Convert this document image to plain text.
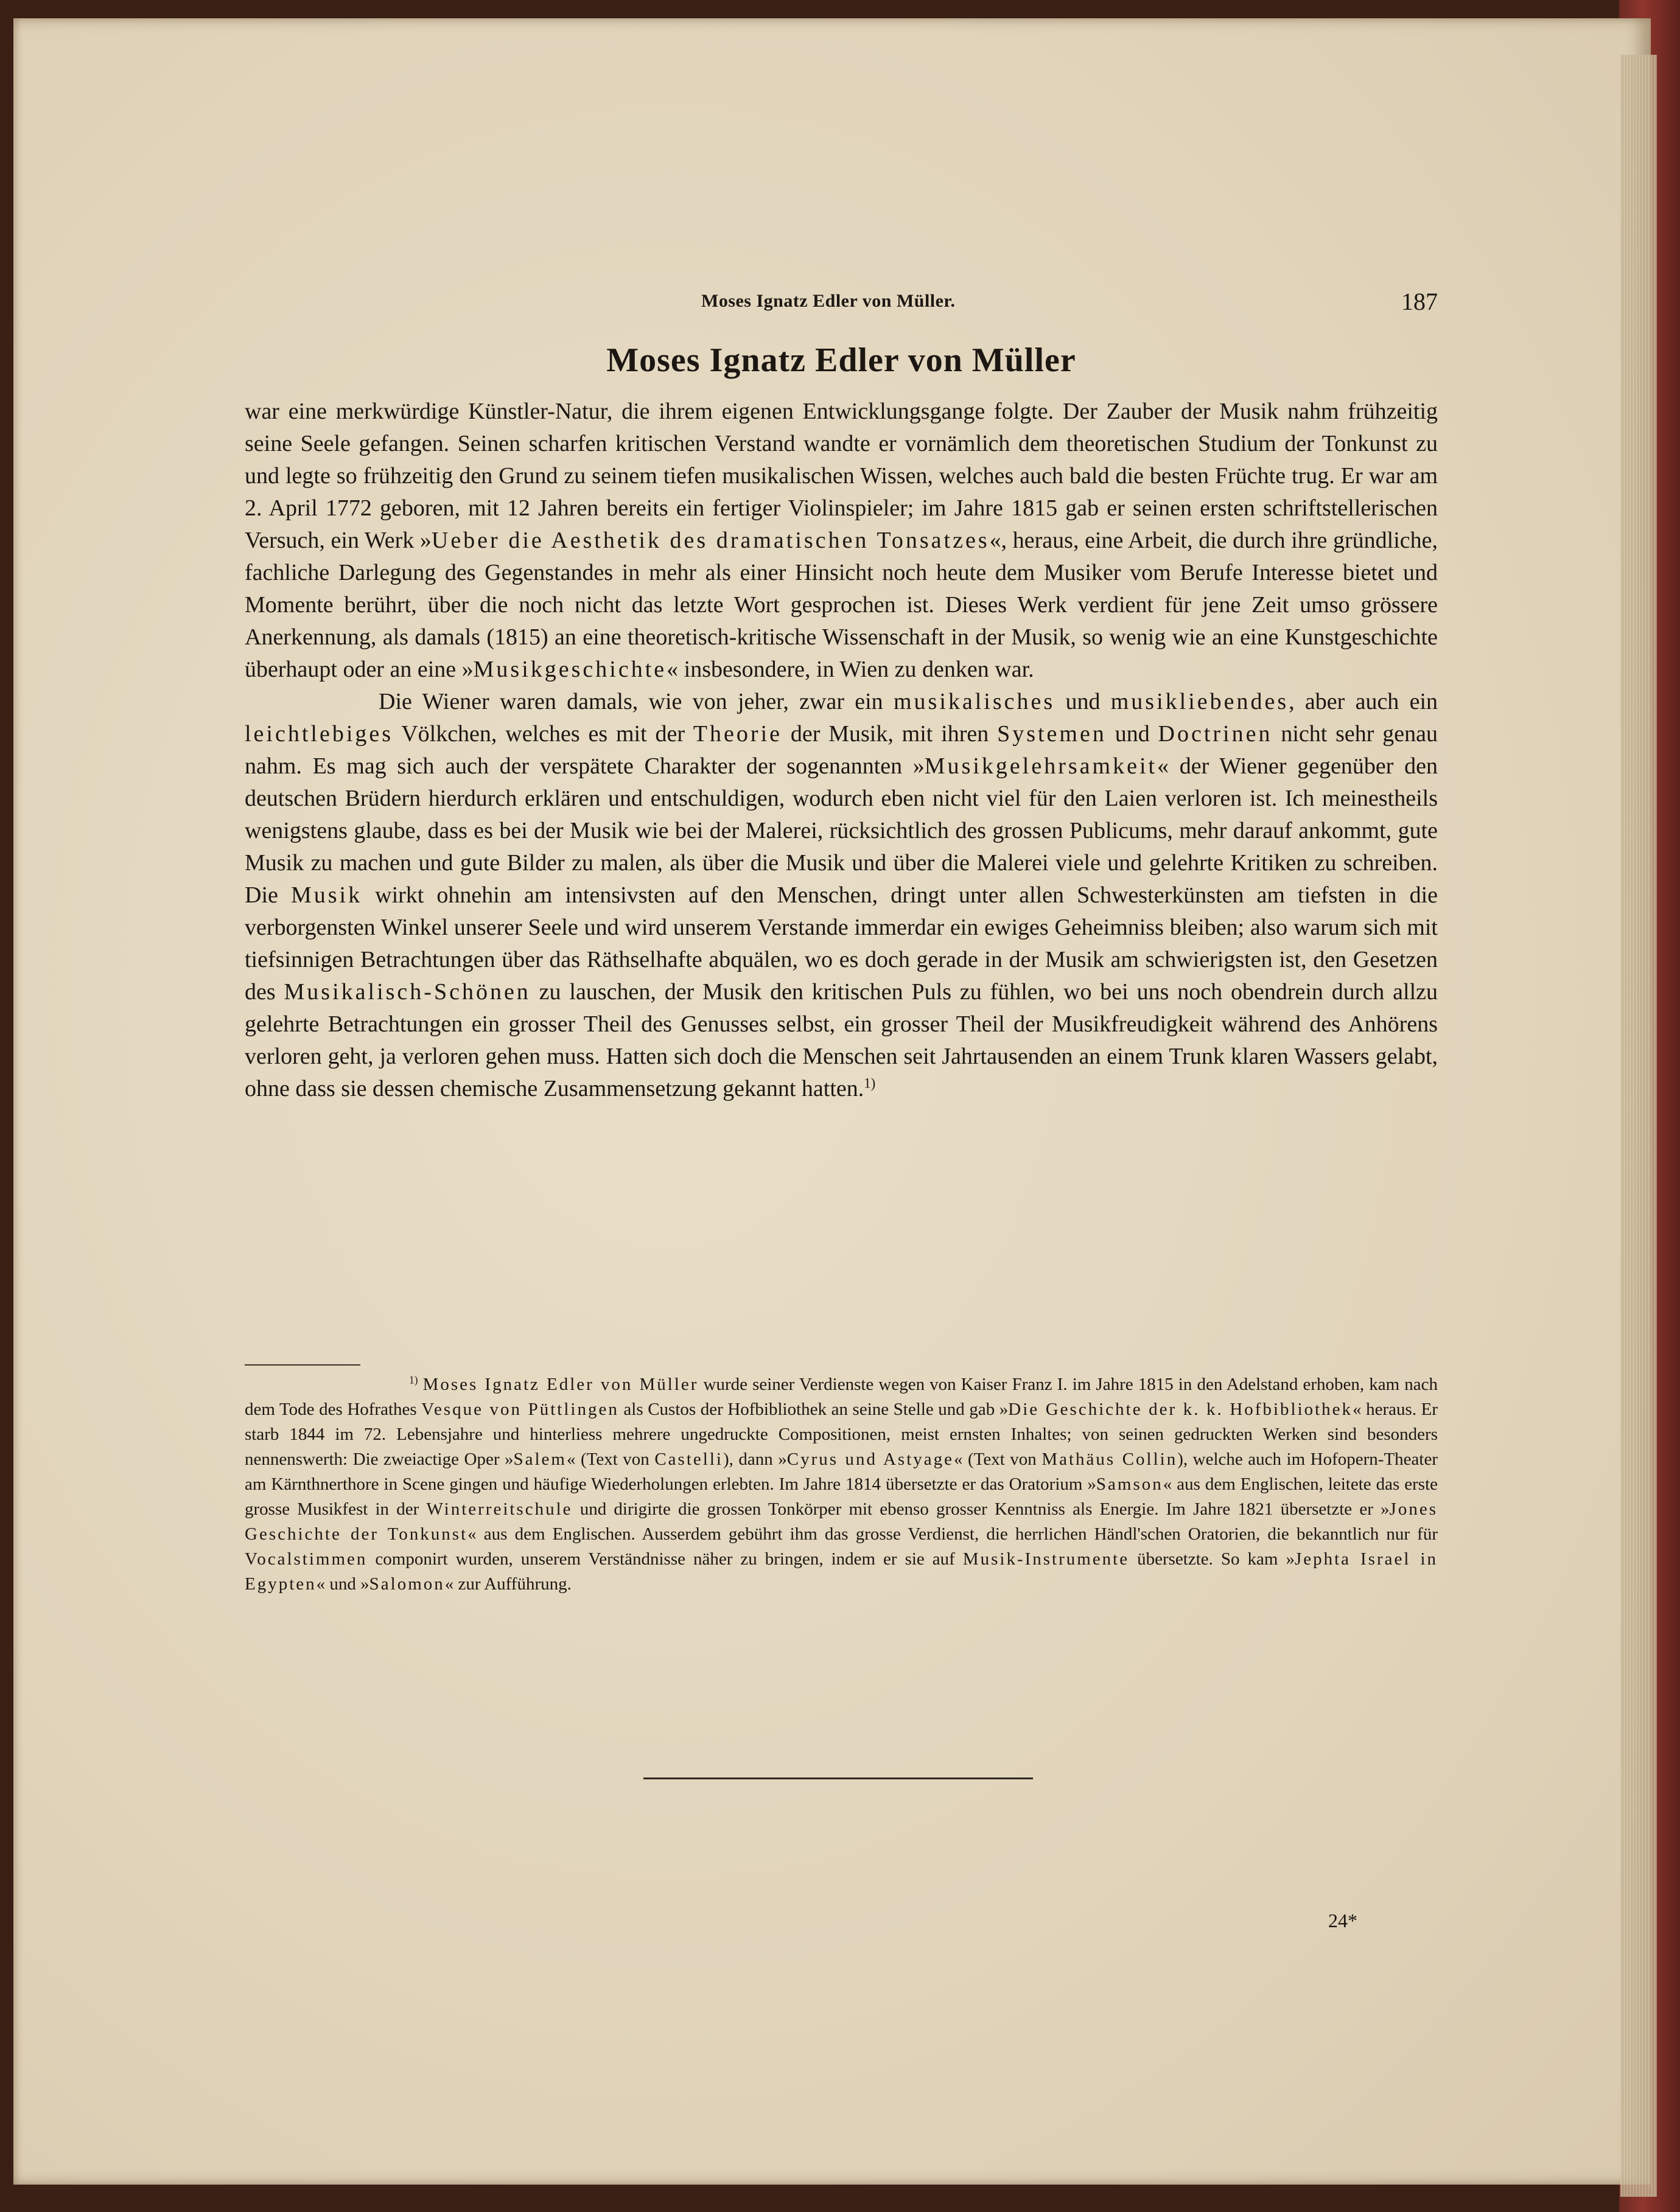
Moses Ignatz Edler von Müller.	187
Moses Ignatz Edler von Müller

war eine merkwürdige Künstler-Natur, die ihrem eigenen Entwicklungsgange folgte. Der Zauber der Musik nahm frühzeitig seine Seele gefangen. Seinen scharfen kritischen Verstand wandte er vornämlich dem theoretischen Studium der Tonkunst zu und legte so frühzeitig den Grund zu seinem tiefen musikalischen Wissen, welches auch bald die besten Früchte trug. Er war am 2. April 1772 geboren, mit 12 Jahren bereits ein fertiger Violinspieler; im Jahre 1815 gab er seinen ersten schriftstellerischen Versuch, ein Werk »Ueber die Aesthetik des dramatischen Tonsatzes«, heraus, eine Arbeit, die durch ihre gründliche, fachliche Darlegung des Gegenstandes in mehr als einer Hinsicht noch heute dem Musiker vom Berufe Interesse bietet und Momente berührt, über die noch nicht das letzte Wort gesprochen ist. Dieses Werk verdient für jene Zeit umso grössere Anerkennung, als damals (1815) an eine theoretisch-kritische Wissenschaft in der Musik, so wenig wie an eine Kunstgeschichte überhaupt oder an eine »Musikgeschichte« insbesondere, in Wien zu denken war.

Die Wiener waren damals, wie von jeher, zwar ein musikalisches und musikliebendes, aber auch ein leichtlebiges Völkchen, welches es mit der Theorie der Musik, mit ihren Systemen und Doctrinen nicht sehr genau nahm. Es mag sich auch der verspätete Charakter der sogenannten »Musikgelehrsamkeit« der Wiener gegenüber den deutschen Brüdern hierdurch erklären und entschuldigen, wodurch eben nicht viel für den Laien verloren ist. Ich meinestheils wenigstens glaube, dass es bei der Musik wie bei der Malerei, rücksichtlich des grossen Publicums, mehr darauf ankommt, gute Musik zu machen und gute Bilder zu malen, als über die Musik und über die Malerei viele und gelehrte Kritiken zu schreiben. Die Musik wirkt ohnehin am intensivsten auf den Menschen, dringt unter allen Schwesterkünsten am tiefsten in die verborgensten Winkel unserer Seele und wird unserem Verstande immerdar ein ewiges Geheimniss bleiben; also warum sich mit tiefsinnigen Betrachtungen über das Räthselhafte abquälen, wo es doch gerade in der Musik am schwierigsten ist, den Gesetzen des Musikalisch-Schönen zu lauschen, der Musik den kritischen Puls zu fühlen, wo bei uns noch obendrein durch allzu gelehrte Betrachtungen ein grosser Theil des Genusses selbst, ein grosser Theil der Musikfreudigkeit während des Anhörens verloren geht, ja verloren gehen muss. Hatten sich doch die Menschen seit Jahrtausenden an einem Trunk klaren Wassers gelabt, ohne dass sie dessen chemische Zusammensetzung gekannt hatten.$^{1)}$

$^{1)}$ Moses Ignatz Edler von Müller wurde seiner Verdienste wegen von Kaiser Franz I. im Jahre 1815 in den Adelstand erhoben, kam nach dem Tode des Hofrathes Vesque von Püttlingen als Custos der Hofbibliothek an seine Stelle und gab »Die Geschichte der k. k. Hofbibliothek« heraus. Er starb 1844 im 72. Lebensjahre und hinterliess mehrere ungedruckte Compositionen, meist ernsten Inhaltes; von seinen gedruckten Werken sind besonders nennenswerth: Die zweiactige Oper »Salem« (Text von Castelli), dann »Cyrus und Astyage« (Text von Mathäus Collin), welche auch im Hofopern-Theater am Kärnthnerthore in Scene gingen und häufige Wiederholungen erlebten. Im Jahre 1814 übersetzte er das Oratorium »Samson« aus dem Englischen, leitete das erste grosse Musikfest in der Winterreitschule und dirigirte die grossen Tonkörper mit ebenso grosser Kenntniss als Energie. Im Jahre 1821 übersetzte er »Jones Geschichte der Tonkunst« aus dem Englischen. Ausserdem gebührt ihm das grosse Verdienst, die herrlichen Händl'schen Oratorien, die bekanntlich nur für Vocalstimmen componirt wurden, unserem Verständnisse näher zu bringen, indem er sie auf Musik-Instrumente übersetzte. So kam »Jephta Israel in Egypten« und »Salomon« zur Aufführung.

24*
